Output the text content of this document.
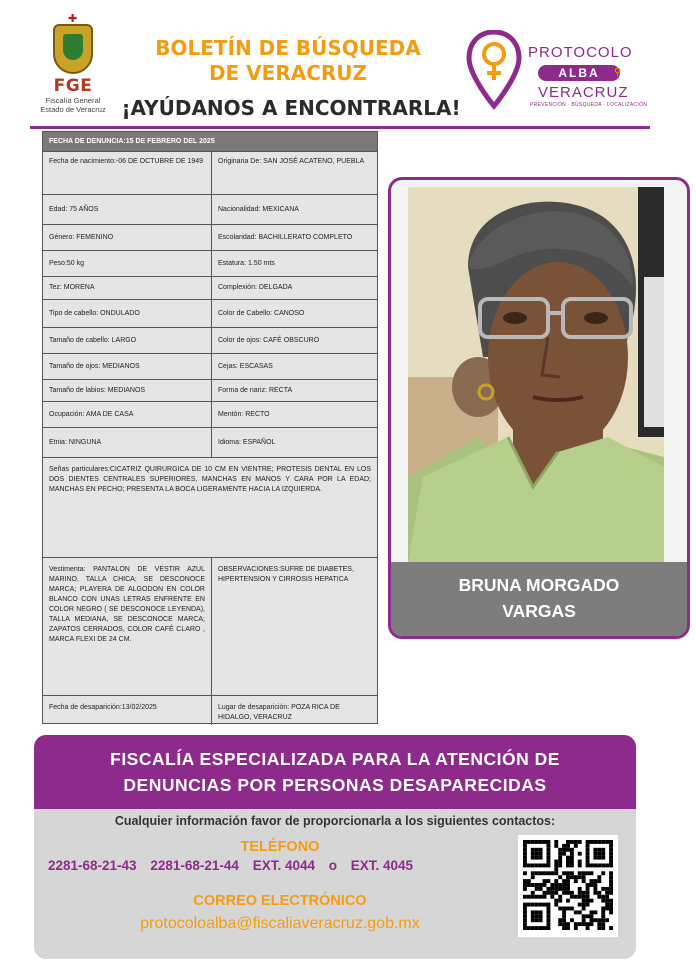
✚
FGE
Fiscalía General
Estado de Veracruz
BOLETÍN DE BÚSQUEDA
DE VERACRUZ
¡AYÚDANOS A ENCONTRARLA!
PROTOCOLO
ALBA	⚲
VERACRUZ
PREVENCIÓN · BÚSQUEDA · LOCALIZACIÓN
FECHA DE DENUNCIA: 15 DE FEBRERO DEL 2025
Fecha de nacimiento:-06 DE OCTUBRE DE 1949	Originaria De: SAN JOSÉ ACATENO, PUEBLA
Edad: 75 AÑOS	Nacionalidad: MEXICANA
Género: FEMENINO	Escolaridad: BACHILLERATO COMPLETO
Peso:50 kg	Estatura: 1.50 mts
Tez: MORENA	Complexión: DELGADA
Tipo de cabello: ONDULADO	Color de Cabello: CANOSO
Tamaño de cabello: LARGO	Color de ojos: CAFÉ OBSCURO
Tamaño de ojos: MEDIANOS	Cejas: ESCASAS
Tamaño de labios: MEDIANOS	Forma de nariz: RECTA
Ocupación: AMA DE CASA	Mentón: RECTO
Etnia: NINGUNA	Idioma: ESPAÑOL
Señas particulares:CICATRIZ QUIRURGICA DE 10 CM EN VIENTRE; PROTESIS DENTAL EN LOS DOS DIENTES CENTRALES SUPERIORES, MANCHAS EN MANOS Y CARA POR LA EDAD; MANCHAS EN PECHO; PRESENTA LA BOCA LIGERAMENTE HACIA LA IZQUIERDA.
Vestimenta: PANTALON DE VESTIR AZUL MARINO, TALLA CHICA; SE DESCONOCE MARCA; PLAYERA DE ALGODON EN COLOR BLANCO CON UNAS LETRAS ENFRENTE EN COLOR NEGRO ( SE DESCONOCE LEYENDA), TALLA MEDIANA, SE DESCONOCE MARCA; ZAPATOS CERRADOS, COLOR CAFÉ CLARO , MARCA FLEXI DE 24 CM.
OBSERVACIONES:SUFRE DE DIABETES, HIPERTENSION Y CIRROSIS HEPATICA
Fecha de desaparición:13/02/2025	Lugar de desaparición: POZA RICA DE HIDALGO, VERACRUZ
BRUNA MORGADO
VARGAS
FISCALÍA ESPECIALIZADA PARA LA ATENCIÓN DE
DENUNCIAS POR PERSONAS DESAPARECIDAS
Cualquier información favor de proporcionarla a los siguientes contactos:
TELÉFONO
2281-68-21-43 2281-68-21-44 EXT. 4044 o EXT. 4045
CORREO ELECTRÓNICO
protocoloalba@fiscaliaveracruz.gob.mx
